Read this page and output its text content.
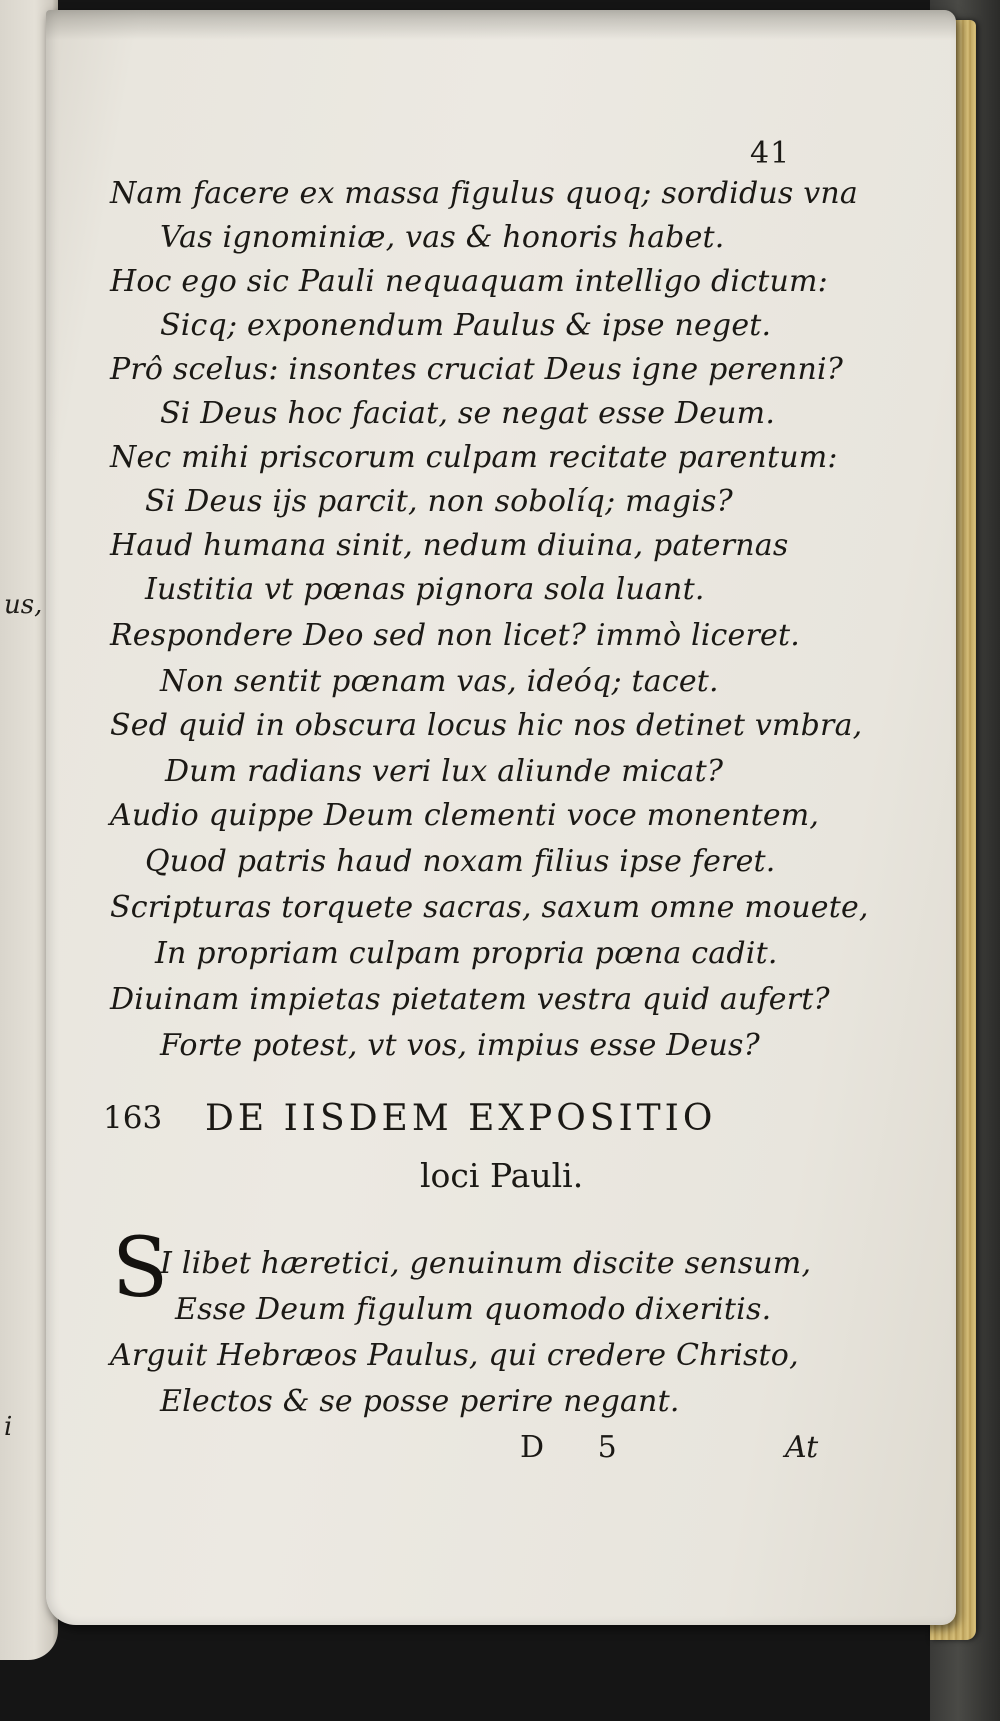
us,
i
41
Nam facere ex massa figulus quoq; sordidus vna
Vas ignominiæ, vas & honoris habet.
Hoc ego sic Pauli nequaquam intelligo dictum:
Sicq; exponendum Paulus & ipse neget.
Prô scelus: insontes cruciat Deus igne perenni?
Si Deus hoc faciat, se negat esse Deum.
Nec mihi priscorum culpam recitate parentum:
Si Deus ijs parcit, non sobolíq; magis?
Haud humana sinit, nedum diuina, paternas
Iustitia vt pœnas pignora sola luant.
Respondere Deo sed non licet? immò liceret.
Non sentit pœnam vas, ideóq; tacet.
Sed quid in obscura locus hic nos detinet vmbra,
Dum radians veri lux aliunde micat?
Audio quippe Deum clementi voce monentem,
Quod patris haud noxam filius ipse feret.
Scripturas torquete sacras, saxum omne mouete,
In propriam culpam propria pœna cadit.
Diuinam impietas pietatem vestra quid aufert?
Forte potest, vt vos, impius esse Deus?
163 DE IISDEM EXPOSITIO
loci Pauli.
S
I libet hæretici, genuinum discite sensum,
Esse Deum figulum quomodo dixeritis.
Arguit Hebræos Paulus, qui credere Christo,
Electos & se posse perire negant.
D 5	At
